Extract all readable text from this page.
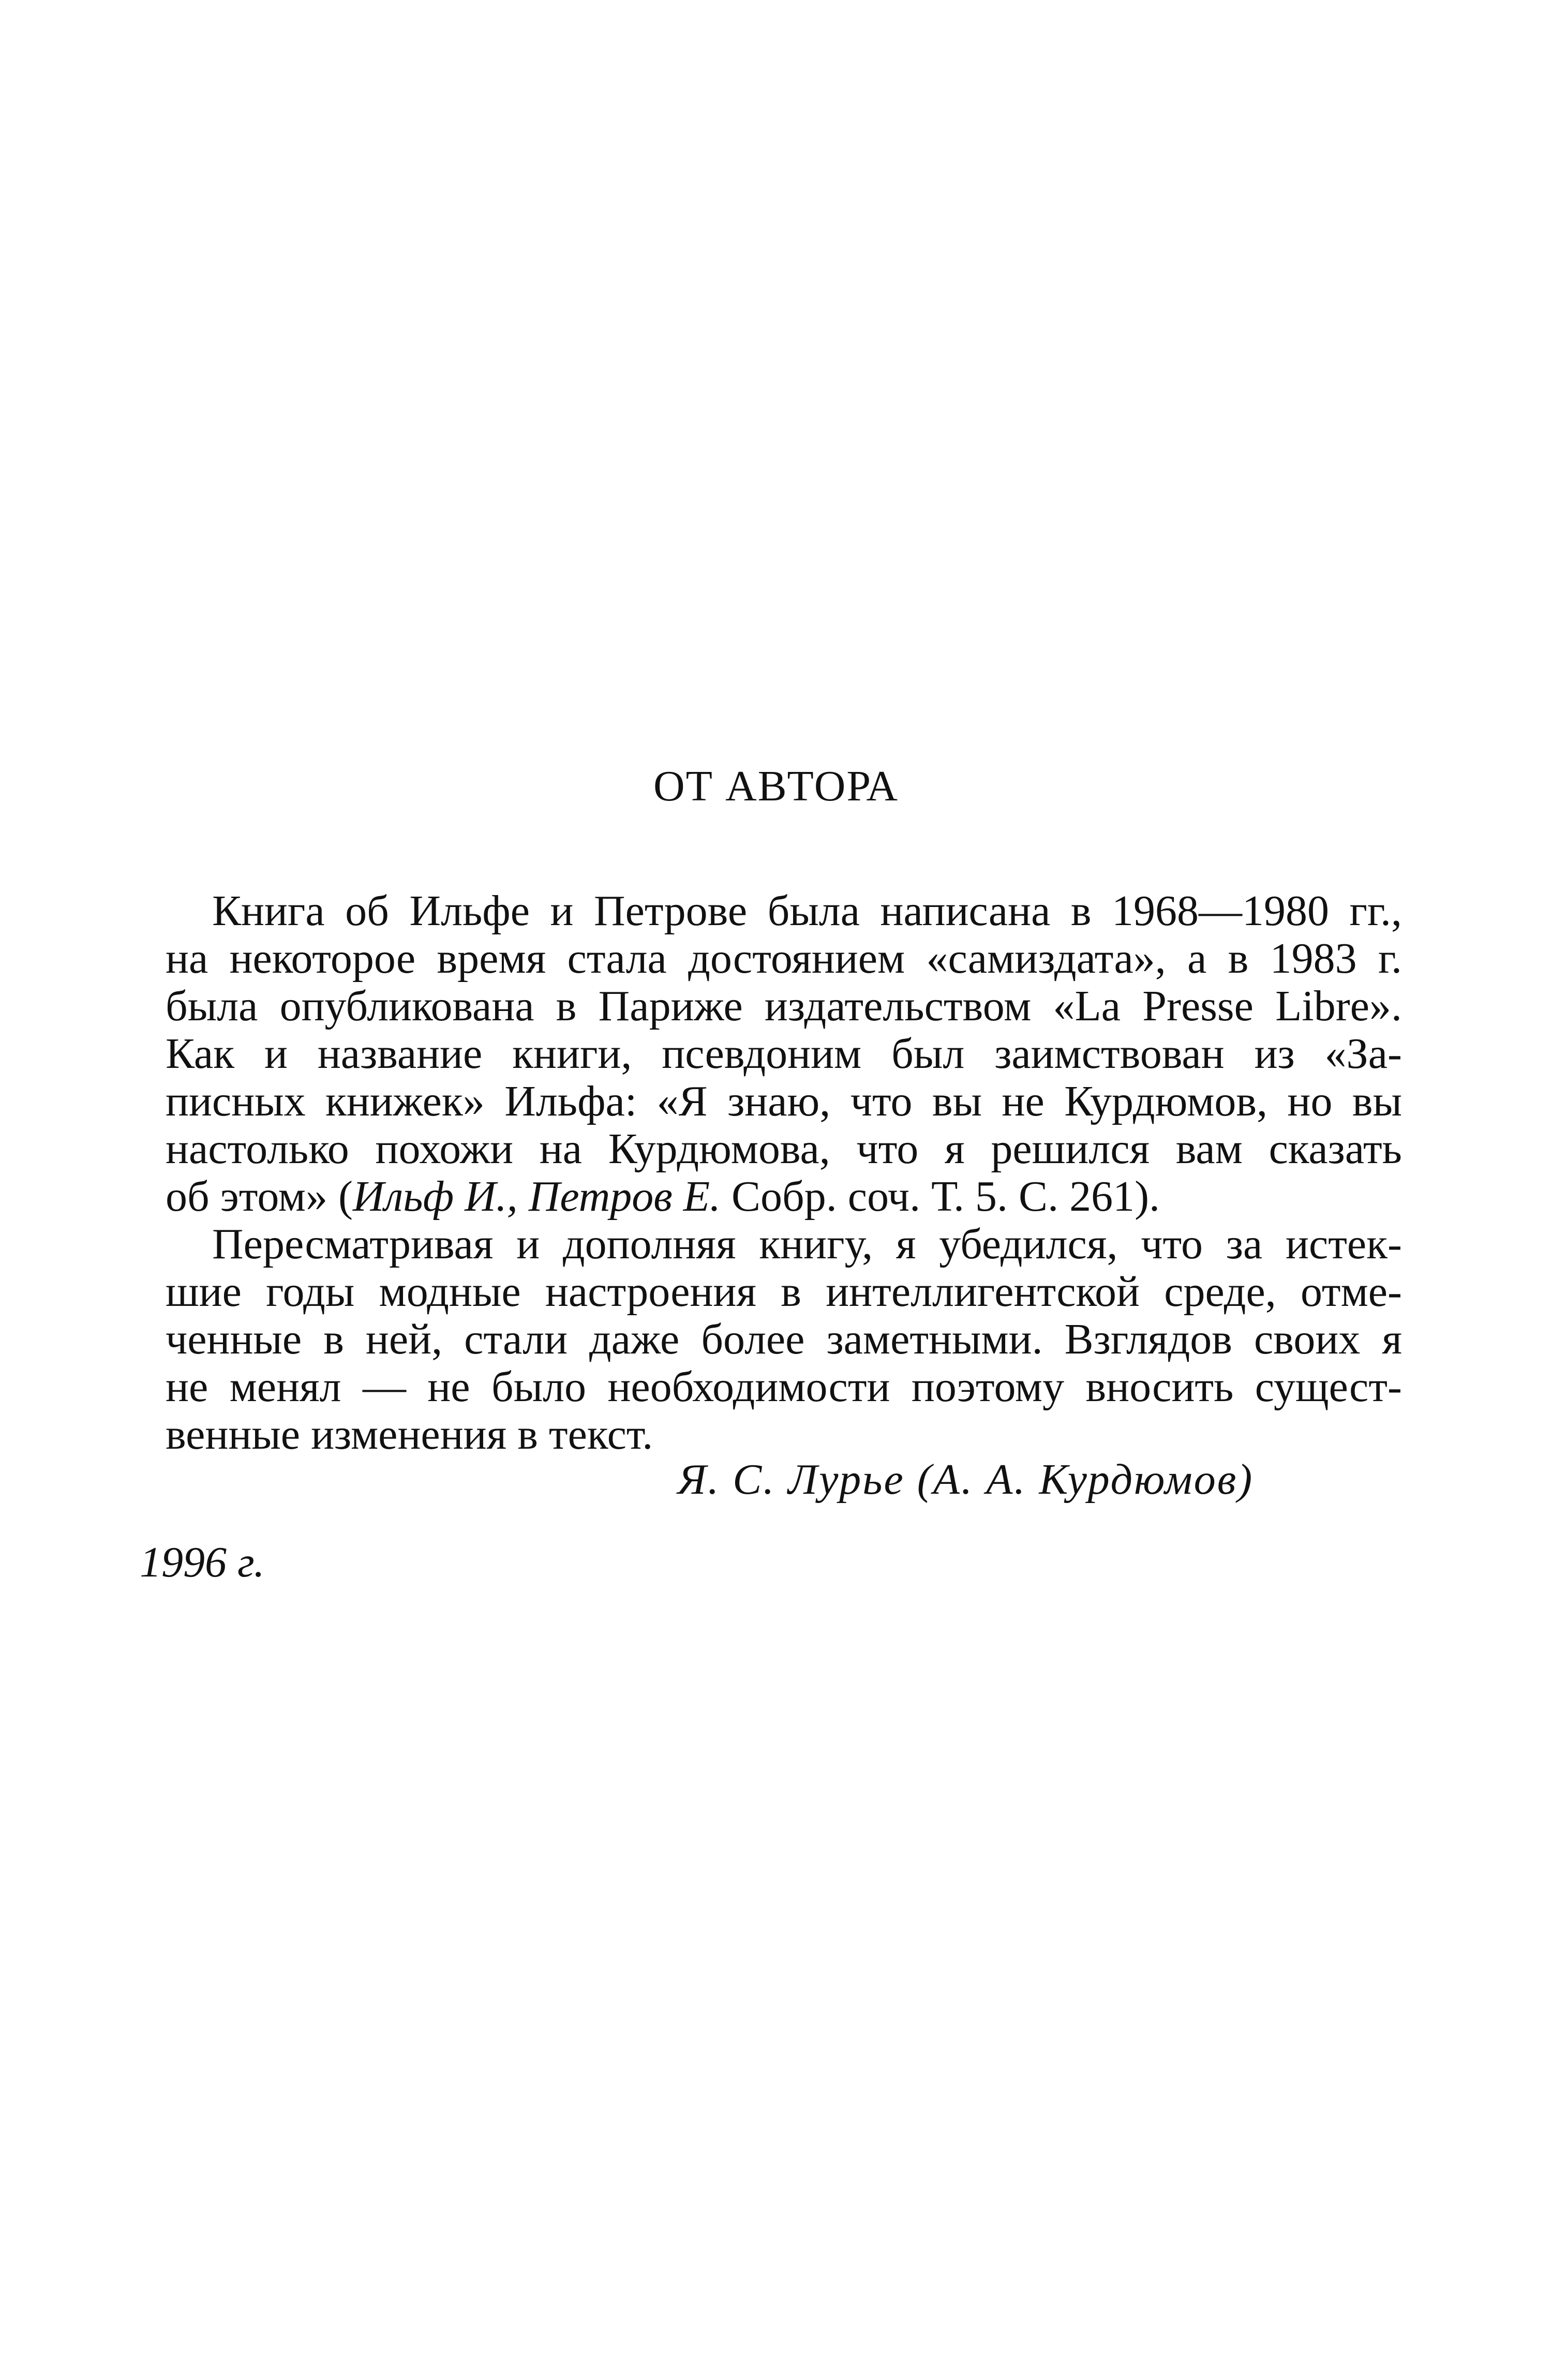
ОТ АВТОРА
Книга об Ильфе и Петрове была написана в 1968—1980 гг.,
на некоторое время стала достоянием «самиздата», а в 1983 г.
была опубликована в Париже издательством «La Presse Libre».
Как и название книги, псевдоним был заимствован из «За-
писных книжек» Ильфа: «Я знаю, что вы не Курдюмов, но вы
настолько похожи на Курдюмова, что я решился вам сказать
об этом» (Ильф И., Петров Е. Собр. соч. Т. 5. С. 261).
Пересматривая и дополняя книгу, я убедился, что за истек-
шие годы модные настроения в интеллигентской среде, отме-
ченные в ней, стали даже более заметными. Взглядов своих я
не менял — не было необходимости поэтому вносить сущест-
венные изменения в текст.
Я. С. Лурье (А. А. Курдюмов)
1996 г.
